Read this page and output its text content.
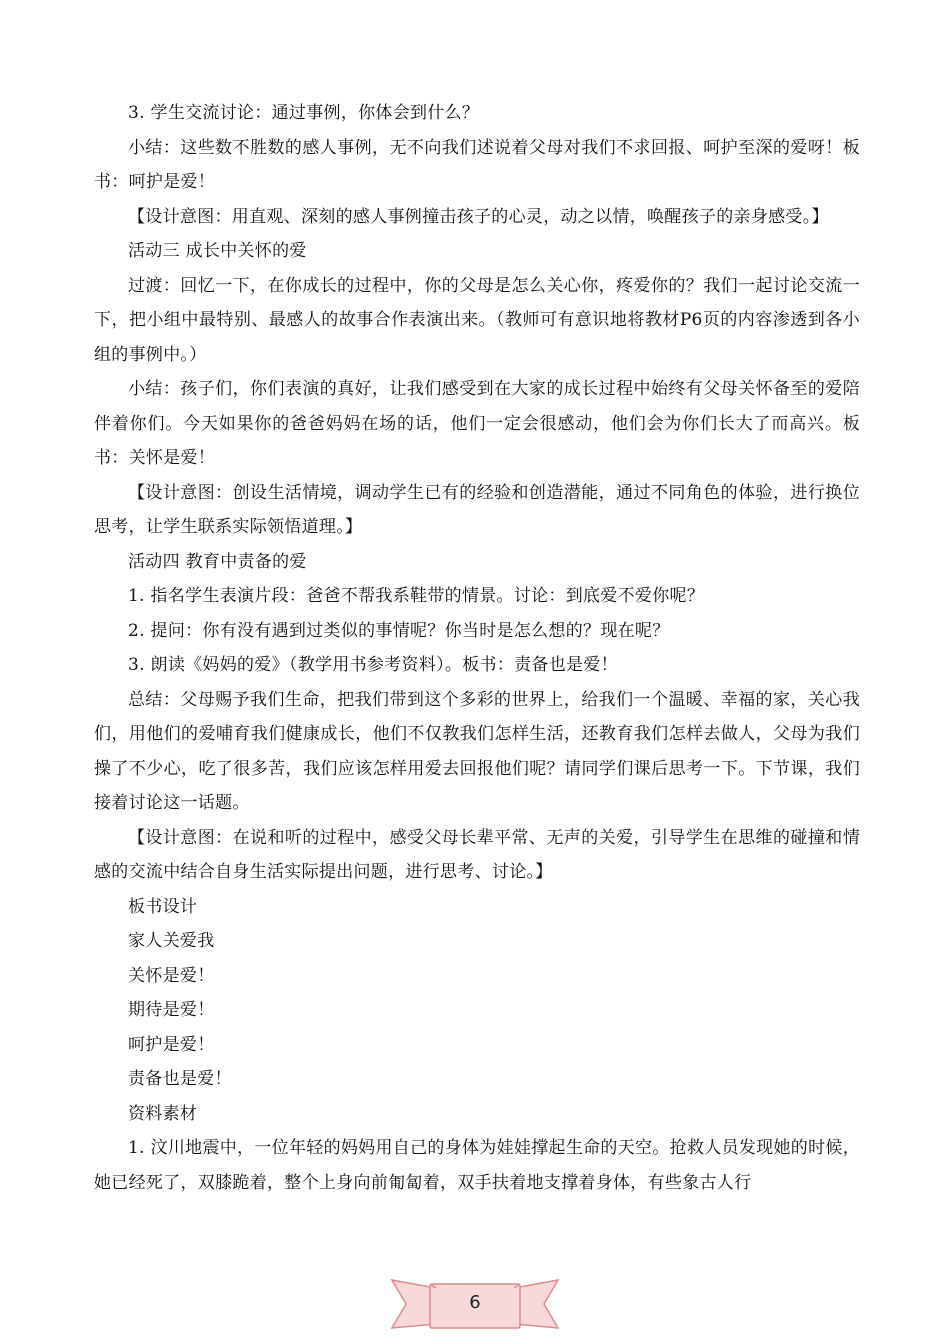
3. 学生交流讨论：通过事例，你体会到什么？

小结：这些数不胜数的感人事例，无不向我们述说着父母对我们不求回报、呵护至深的爱呀！板书：呵护是爱！

【设计意图：用直观、深刻的感人事例撞击孩子的心灵，动之以情，唤醒孩子的亲身感受。】

活动三 成长中关怀的爱

过渡：回忆一下，在你成长的过程中，你的父母是怎么关心你，疼爱你的？我们一起讨论交流一下，把小组中最特别、最感人的故事合作表演出来。（教师可有意识地将教材P6页的内容渗透到各小组的事例中。）

小结：孩子们，你们表演的真好，让我们感受到在大家的成长过程中始终有父母关怀备至的爱陪伴着你们。今天如果你的爸爸妈妈在场的话，他们一定会很感动，他们会为你们长大了而高兴。板书：关怀是爱！

【设计意图：创设生活情境，调动学生已有的经验和创造潜能，通过不同角色的体验，进行换位思考，让学生联系实际领悟道理。】

活动四 教育中责备的爱

1. 指名学生表演片段：爸爸不帮我系鞋带的情景。讨论：到底爱不爱你呢？

2. 提问：你有没有遇到过类似的事情呢？你当时是怎么想的？现在呢？

3. 朗读《妈妈的爱》（教学用书参考资料）。板书：责备也是爱！

总结：父母赐予我们生命，把我们带到这个多彩的世界上，给我们一个温暖、幸福的家，关心我们，用他们的爱哺育我们健康成长，他们不仅教我们怎样生活，还教育我们怎样去做人，父母为我们操了不少心，吃了很多苦，我们应该怎样用爱去回报他们呢？请同学们课后思考一下。下节课，我们接着讨论这一话题。

【设计意图：在说和听的过程中，感受父母长辈平常、无声的关爱，引导学生在思维的碰撞和情感的交流中结合自身生活实际提出问题，进行思考、讨论。】

板书设计

家人关爱我

关怀是爱！

期待是爱！

呵护是爱！

责备也是爱！

资料素材

1. 汶川地震中，一位年轻的妈妈用自己的身体为娃娃撑起生命的天空。抢救人员发现她的时候，她已经死了，双膝跪着，整个上身向前匍匐着，双手扶着地支撑着身体，有些象古人行

6
